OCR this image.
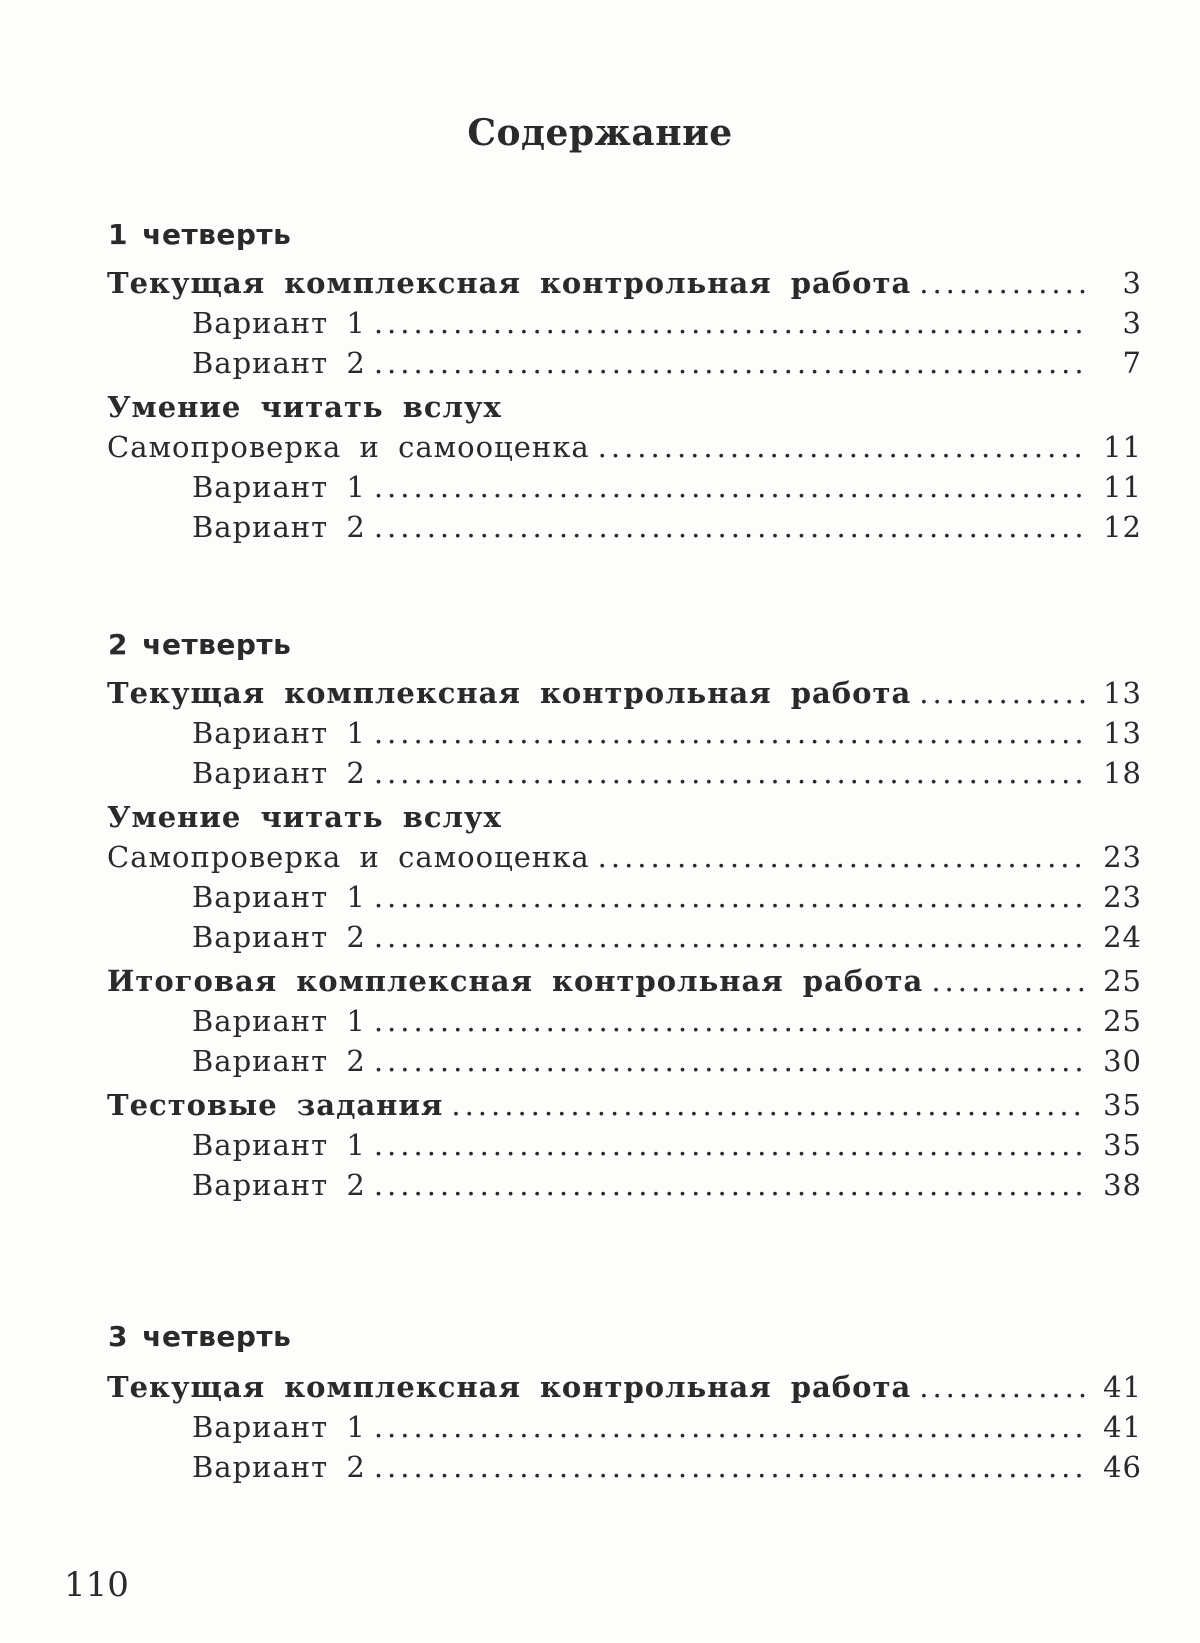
Содержание
1 четверть
Текущая комплексная контрольная работа .....	3
Вариант 1 .....	3
Вариант 2 .....	7
Умение читать вслух
Самопроверка и самооценка .....	11
Вариант 1 .....	11
Вариант 2 .....	12
2 четверть
Текущая комплексная контрольная работа .....	13
Вариант 1 .....	13
Вариант 2 .....	18
Умение читать вслух
Самопроверка и самооценка .....	23
Вариант 1 .....	23
Вариант 2 .....	24
Итоговая комплексная контрольная работа .....	25
Вариант 1 .....	25
Вариант 2 .....	30
Тестовые задания .....	35
Вариант 1 .....	35
Вариант 2 .....	38
3 четверть
Текущая комплексная контрольная работа .....	41
Вариант 1 .....	41
Вариант 2 .....	46
110
